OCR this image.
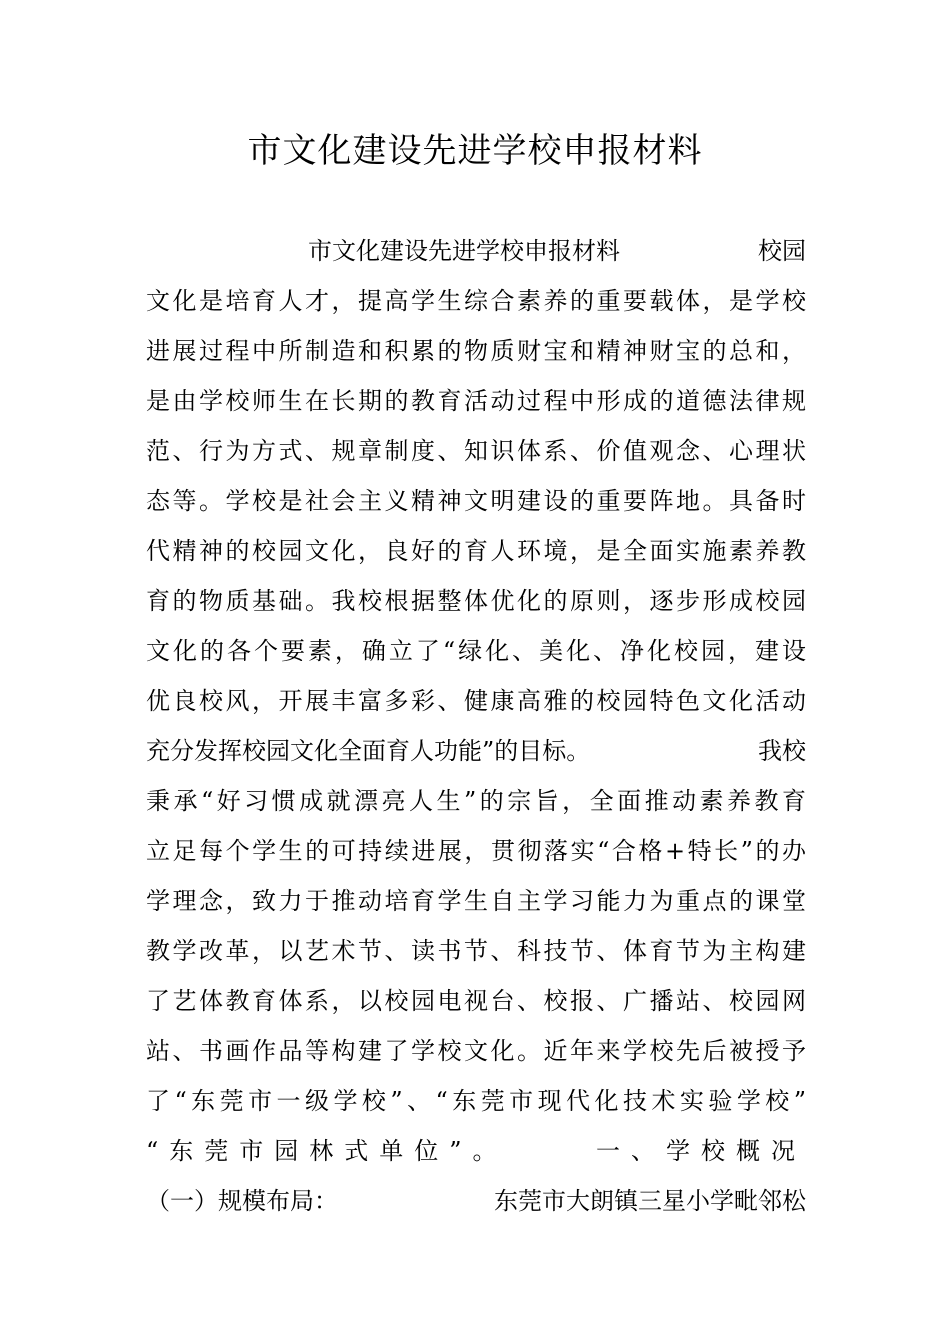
市文化建设先进学校申报材料
市文化建设先进学校申报材料	校园
文化是培育人才，提高学生综合素养的重要载体，是学校
进展过程中所制造和积累的物质财宝和精神财宝的总和，
是由学校师生在长期的教育活动过程中形成的道德法律规
范、行为方式、规章制度、知识体系、价值观念、心理状
态等。学校是社会主义精神文明建设的重要阵地。具备时
代精神的校园文化，良好的育人环境，是全面实施素养教
育的物质基础。我校根据整体优化的原则，逐步形成校园
文化的各个要素，确立了“绿化、美化、净化校园，建设
优良校风，开展丰富多彩、健康高雅的校园特色文化活动
充分发挥校园文化全面育人功能”的目标。	我校
秉承“好习惯成就漂亮人生”的宗旨，全面推动素养教育
立足每个学生的可持续进展，贯彻落实“合格+特长”的办
学理念，致力于推动培育学生自主学习能力为重点的课堂
教学改革，以艺术节、读书节、科技节、体育节为主构建
了艺体教育体系，以校园电视台、校报、广播站、校园网
站、书画作品等构建了学校文化。近年来学校先后被授予
了“东莞市一级学校”、“东莞市现代化技术实验学校”
“东莞市园林式单位”。	一、学校概况
（一）规模布局：	东莞市大朗镇三星小学毗邻松
